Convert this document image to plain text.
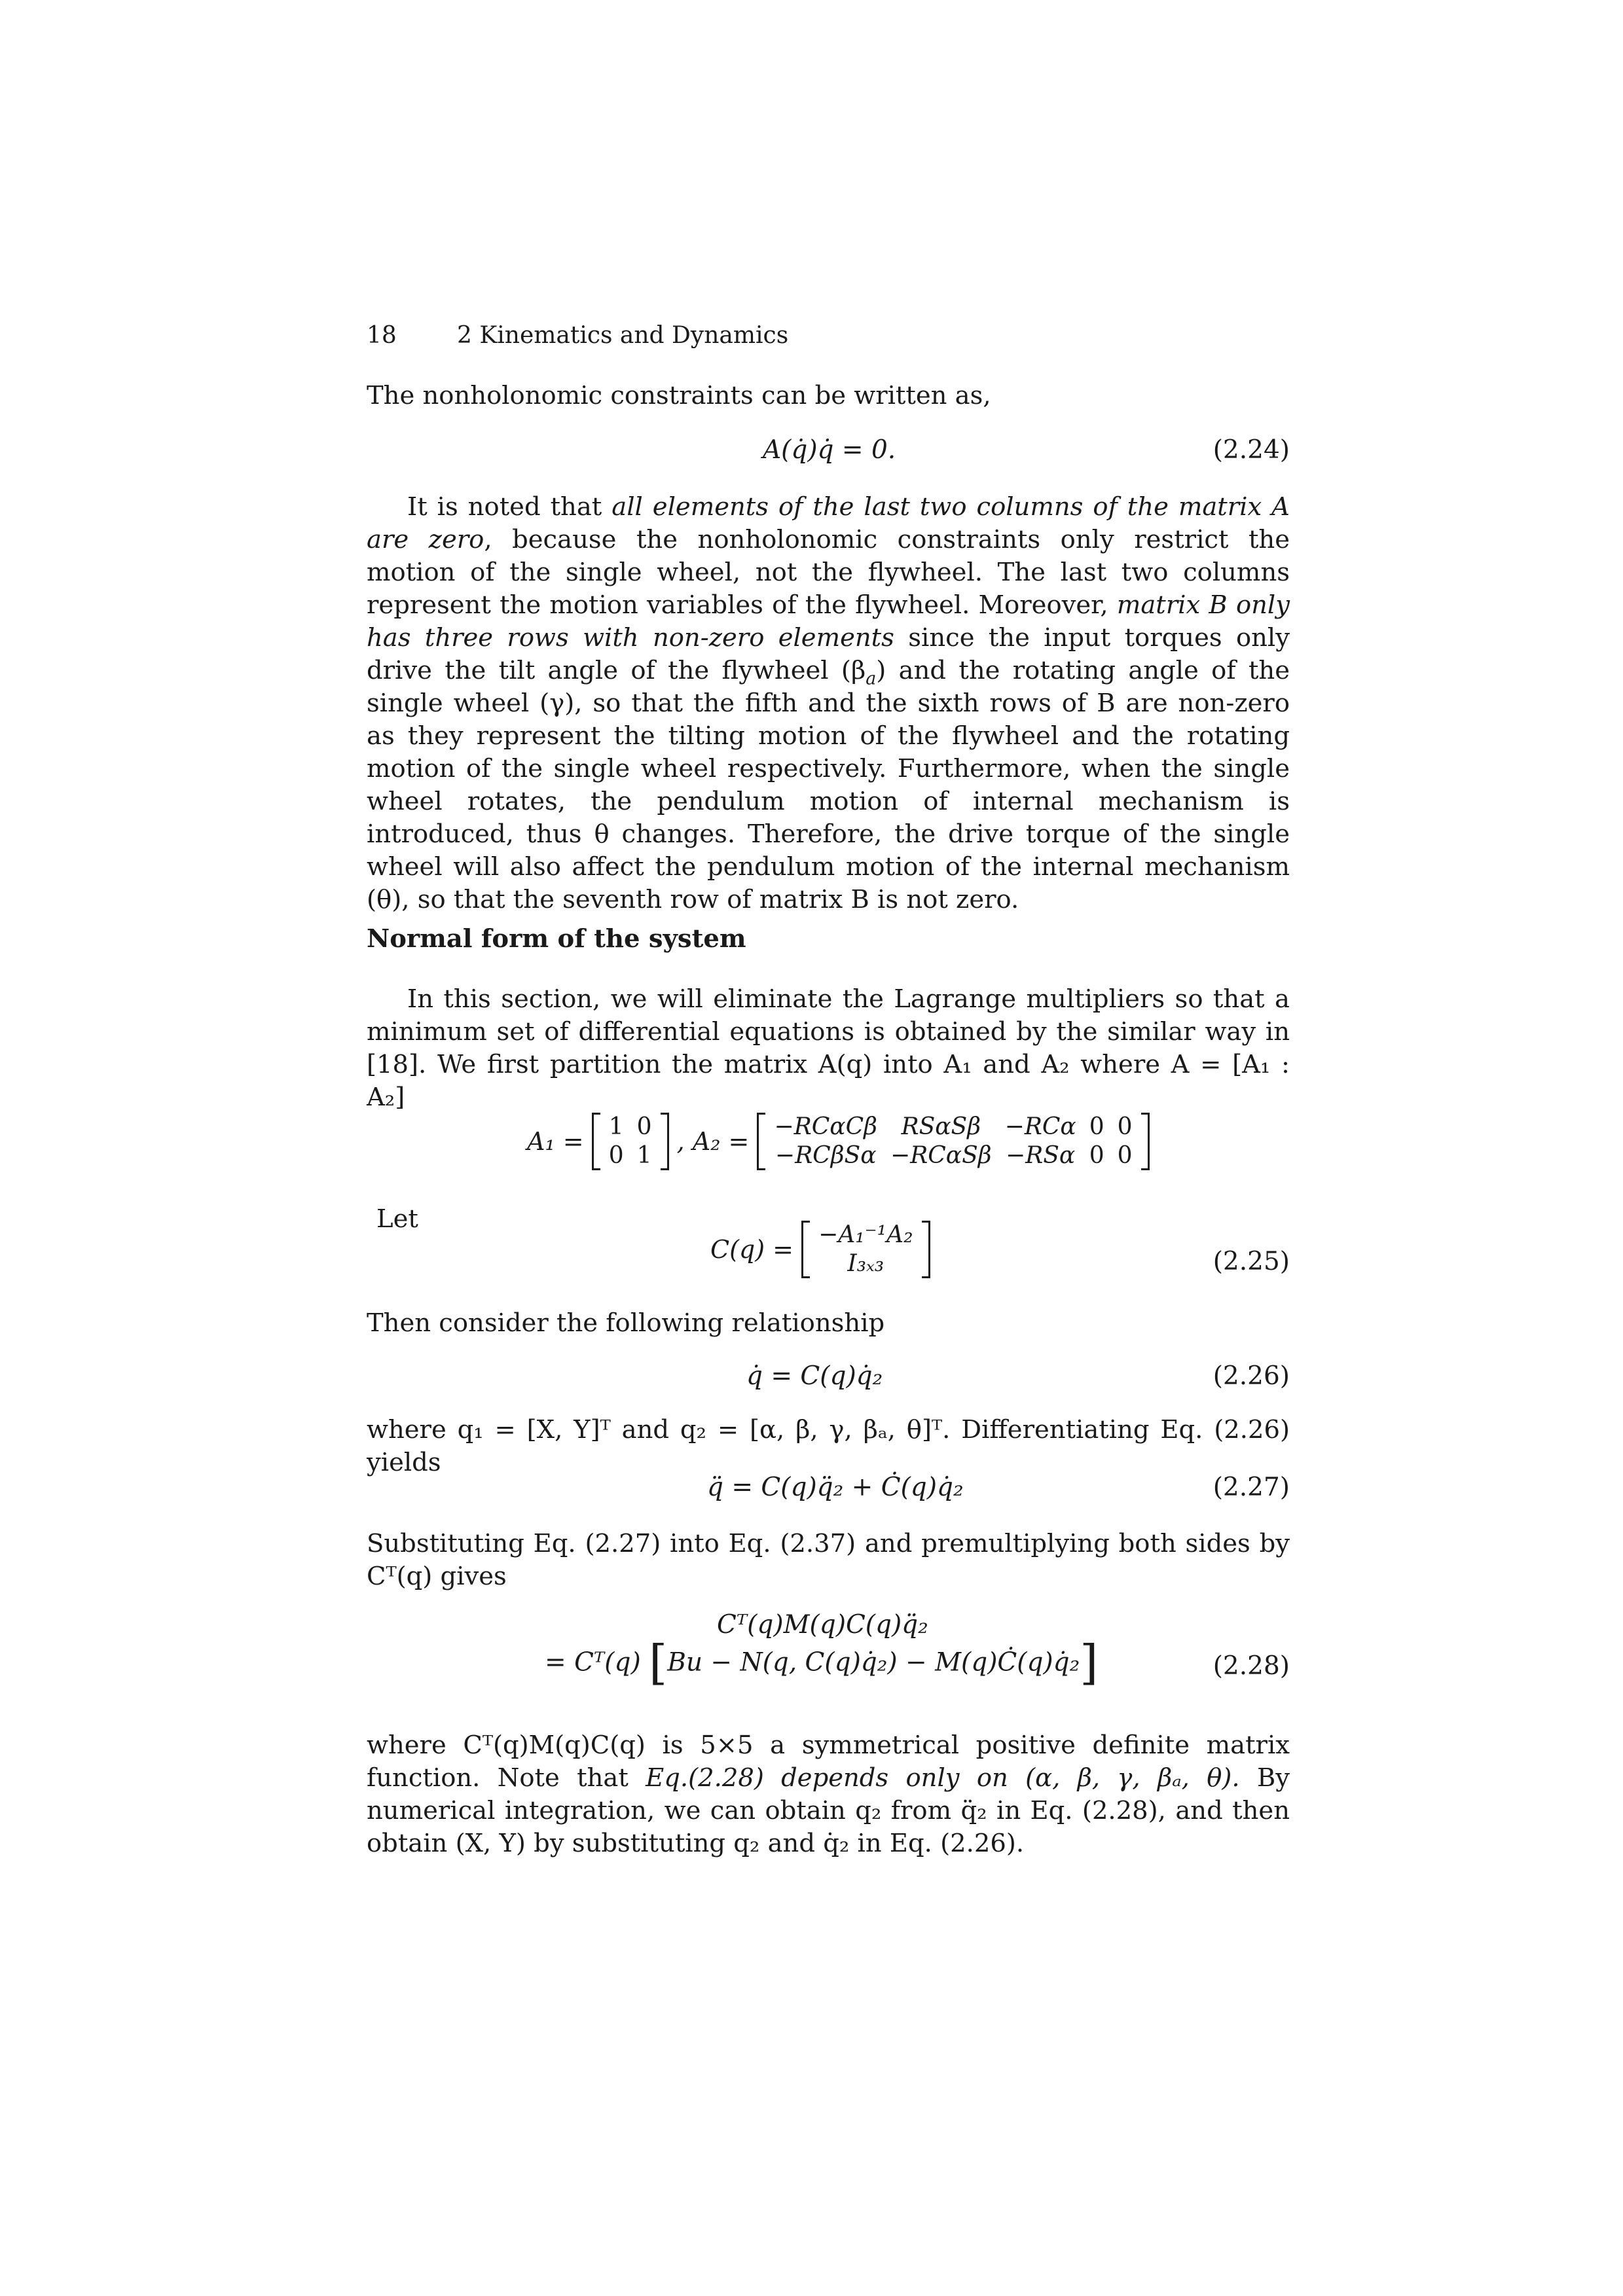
18	2 Kinematics and Dynamics

The nonholonomic constraints can be written as,

A(q̇)q̇ = 0.	(2.24)

It is noted that all elements of the last two columns of the matrix A are zero, because the nonholonomic constraints only restrict the motion of the single wheel, not the flywheel. The last two columns represent the motion variables of the flywheel. Moreover, matrix B only has three rows with non-zero elements since the input torques only drive the tilt angle of the flywheel $(\beta_a)$ and the rotating angle of the single wheel (γ), so that the fifth and the sixth rows of B are non-zero as they represent the tilting motion of the flywheel and the rotating motion of the single wheel respectively. Furthermore, when the single wheel rotates, the pendulum motion of internal mechanism is introduced, thus θ changes. Therefore, the drive torque of the single wheel will also affect the pendulum motion of the internal mechanism (θ), so that the seventh row of matrix B is not zero.

Normal form of the system

In this section, we will eliminate the Lagrange multipliers so that a minimum set of differential equations is obtained by the similar way in [18]. We first partition the matrix A(q) into A₁ and A₂ where A = [A₁ : A₂]

A₁ =
1	0
0	1 , A₂ =
−RCαCβ	RSαSβ	−RCα	0	0
−RCβSα	−RCαSβ	−RSα	0	0
Let
C(q) =
−A₁⁻¹A₂
I₃ₓ₃	(2.25)

Then consider the following relationship

q̇ = C(q)q̇₂	(2.26)

where q₁ = [X, Y]ᵀ and q₂ = [α, β, γ, βₐ, θ]ᵀ. Differentiating Eq. (2.26) yields

q̈ = C(q)q̈₂ + Ċ(q)q̇₂	(2.27)

Substituting Eq. (2.27) into Eq. (2.37) and premultiplying both sides by Cᵀ(q) gives

Cᵀ(q)M(q)C(q)q̈₂
= Cᵀ(q) [Bu − N(q, C(q)q̇₂) − M(q)Ċ(q)q̇₂]	(2.28)

where Cᵀ(q)M(q)C(q) is 5×5 a symmetrical positive definite matrix function. Note that Eq.(2.28) depends only on (α, β, γ, βₐ, θ). By numerical integration, we can obtain q₂ from q̈₂ in Eq. (2.28), and then obtain (X, Y) by substituting q₂ and q̇₂ in Eq. (2.26).
